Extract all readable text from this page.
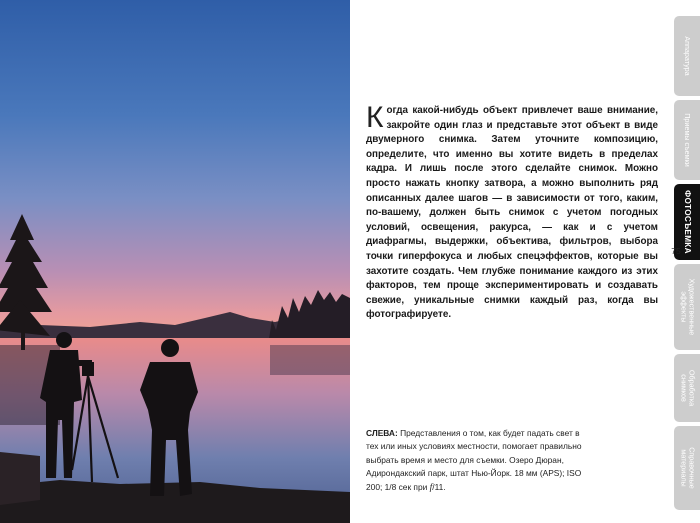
Когда какой-нибудь объект привлечет ваше внимание, закройте один глаз и представьте этот объект в виде двумерного снимка. Затем уточните композицию, определите, что именно вы хотите видеть в пределах кадра. И лишь после этого сделайте снимок. Можно просто нажать кнопку затвора, а можно выполнить ряд описанных далее шагов — в зависимости от того, каким, по-вашему, должен быть снимок с учетом погодных условий, освещения, ракурса, — как и с учетом диафрагмы, выдержки, объектива, фильтров, выбора точки гиперфокуса и любых спецэффектов, которые вы захотите создать. Чем глубже понимание каждого из этих факторов, тем проще экспериментировать и создавать свежие, уникальные снимки каждый раз, когда вы фотографируете.
СЛЕВА: Представления о том, как будет падать свет в тех или иных условиях местности, помогает правильно выбрать время и место для съемки. Озеро Дюран, Адирондакский парк, штат Нью-Йорк. 18 мм (APS); ISO 200; 1/8 сек при f/11.
Аппаратура
Приемы съемки
ФОТОСЪЕМКА
Художественные
эффекты
Обработка
снимков
Справочные
материалы
75
